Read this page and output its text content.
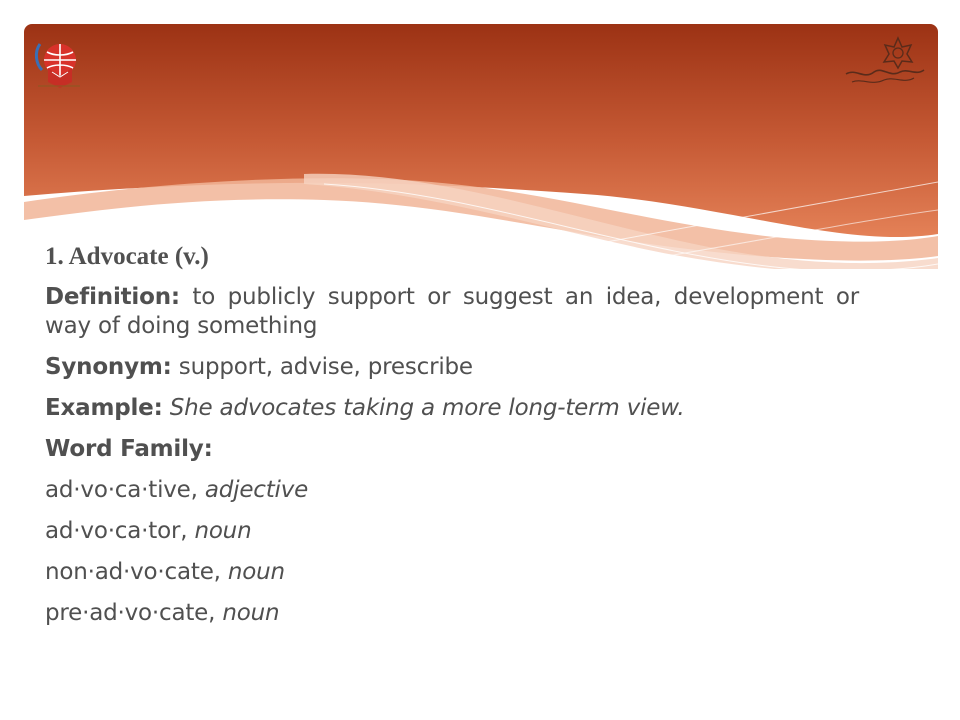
1. Advocate (v.)

Definition: to publicly support or suggest an idea, development or way of doing something

Synonym: support, advise, prescribe

Example: She advocates taking a more long-term view.

Word Family:

ad·vo·ca·tive, adjective

ad·vo·ca·tor, noun

non·ad·vo·cate, noun

pre·ad·vo·cate, noun
